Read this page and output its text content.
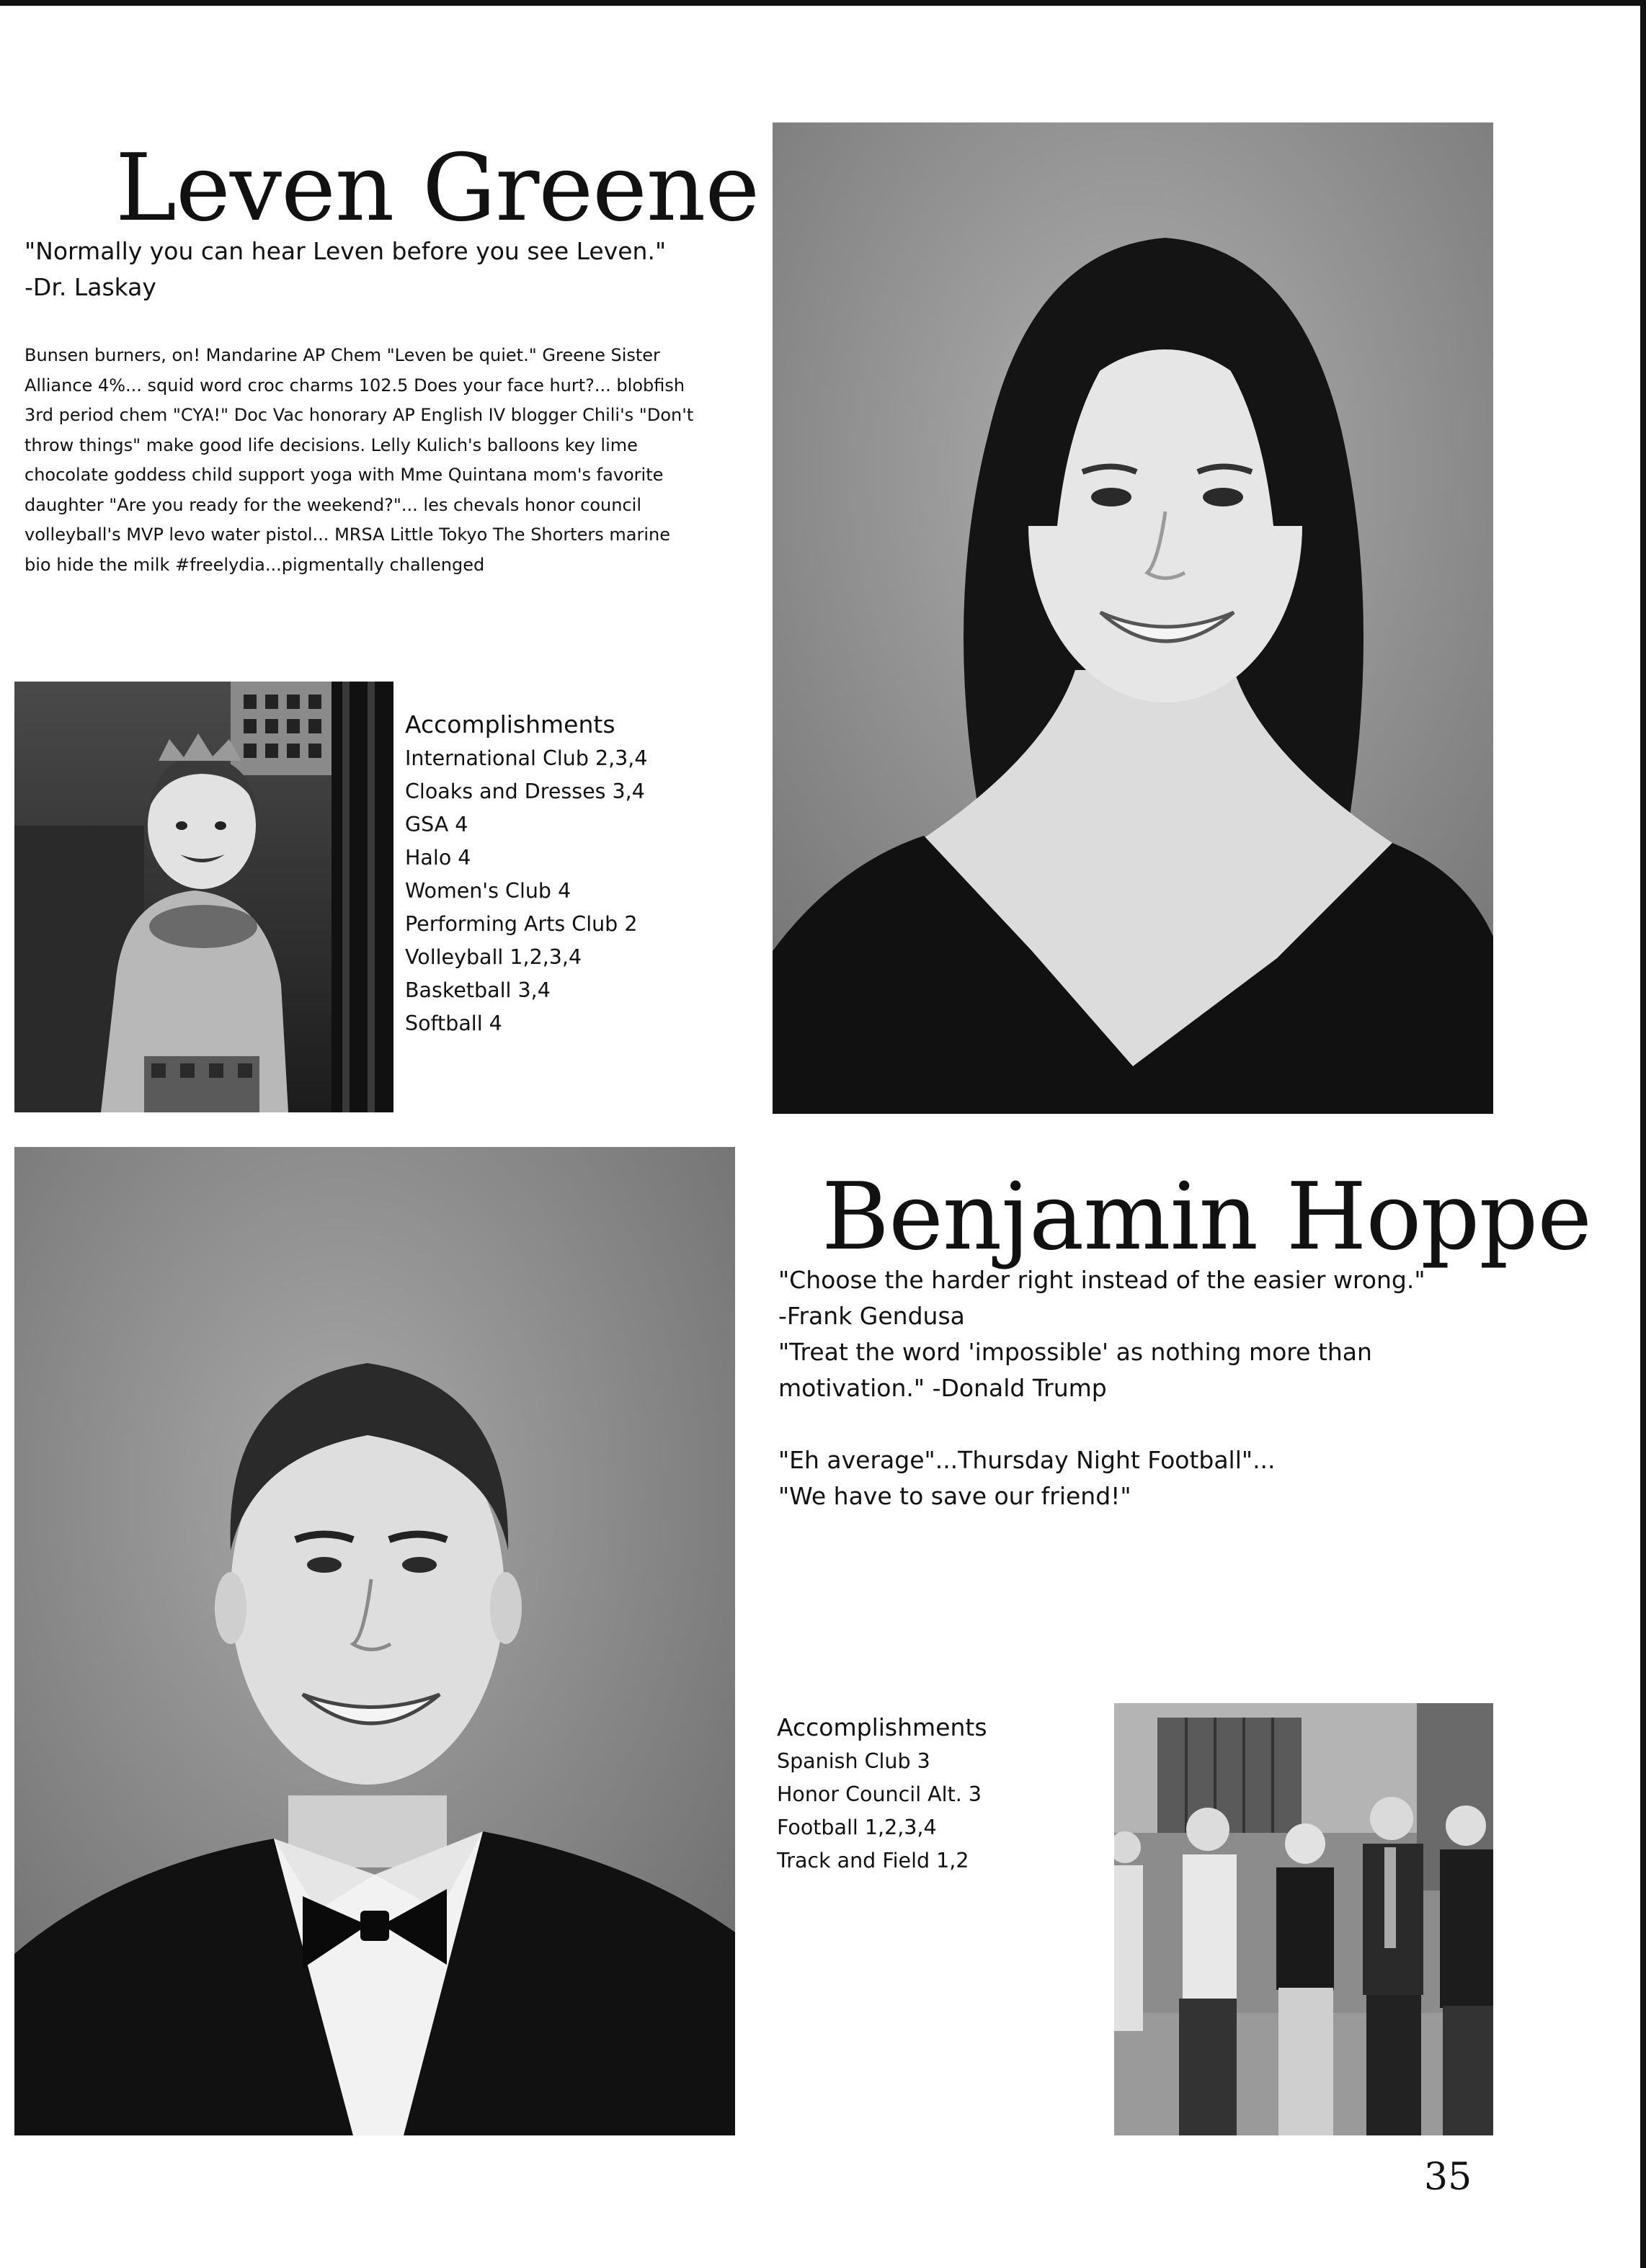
Leven Greene

"Normally you can hear Leven before you see Leven."

-Dr. Laskay

Bunsen burners, on! Mandarine AP Chem "Leven be quiet." Greene Sister

Alliance 4%... squid word croc charms 102.5 Does your face hurt?... blobfish

3rd period chem "CYA!" Doc Vac honorary AP English IV blogger Chili's "Don't

throw things" make good life decisions. Lelly Kulich's balloons key lime

chocolate goddess child support yoga with Mme Quintana mom's favorite

daughter "Are you ready for the weekend?"... les chevals honor council

volleyball's MVP levo water pistol... MRSA Little Tokyo The Shorters marine

bio hide the milk #freelydia...pigmentally challenged

Accomplishments
International Club 2,3,4
Cloaks and Dresses 3,4
GSA 4
Halo 4
Women's Club 4
Performing Arts Club 2
Volleyball 1,2,3,4
Basketball 3,4
Softball 4
Benjamin Hoppe

"Choose the harder right instead of the easier wrong."

-Frank Gendusa

"Treat the word 'impossible' as nothing more than

motivation." -Donald Trump

"Eh average"...Thursday Night Football"...

"We have to save our friend!"

Accomplishments
Spanish Club 3
Honor Council Alt. 3
Football 1,2,3,4
Track and Field 1,2
35
